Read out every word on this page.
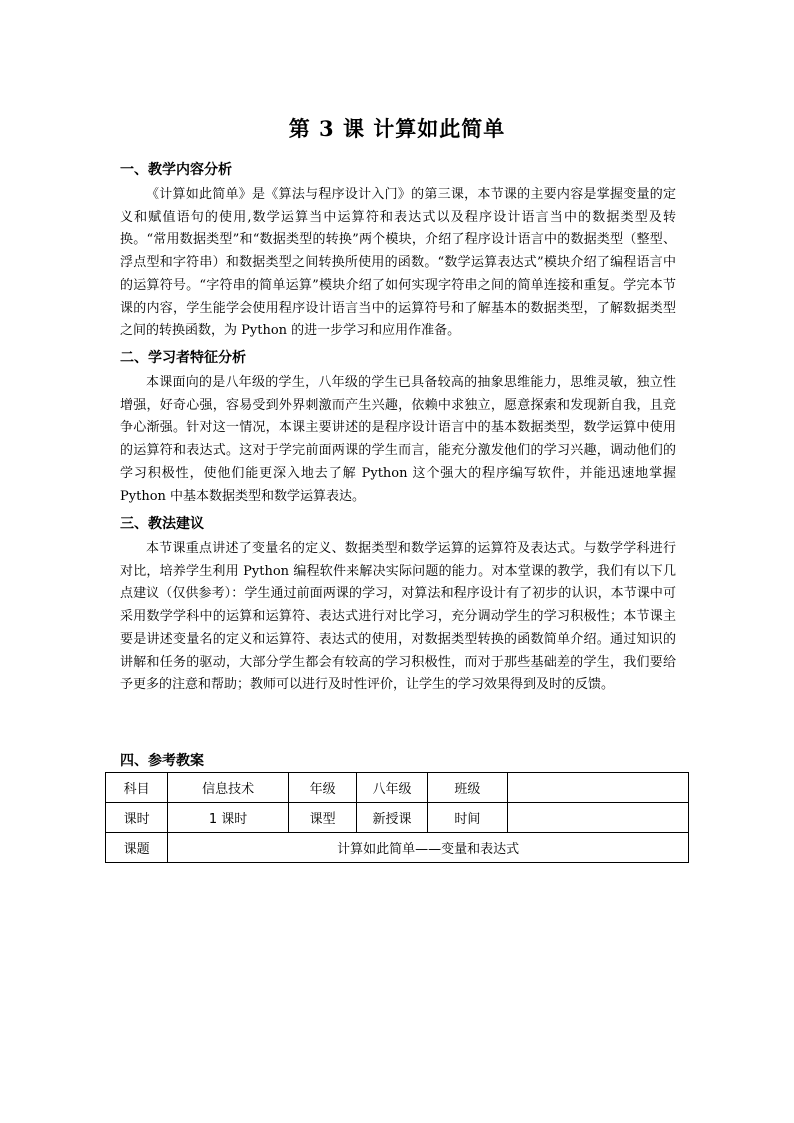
第 3 课 计算如此简单

一、教学内容分析

《计算如此简单》是《算法与程序设计入门》的第三课，本节课的主要内容是掌握变量的定义和赋值语句的使用,数学运算当中运算符和表达式以及程序设计语言当中的数据类型及转换。“常用数据类型”和“数据类型的转换”两个模块，介绍了程序设计语言中的数据类型（整型、浮点型和字符串）和数据类型之间转换所使用的函数。“数学运算表达式”模块介绍了编程语言中的运算符号。“字符串的简单运算”模块介绍了如何实现字符串之间的简单连接和重复。学完本节课的内容，学生能学会使用程序设计语言当中的运算符号和了解基本的数据类型，了解数据类型之间的转换函数，为 Python 的进一步学习和应用作准备。

二、学习者特征分析

本课面向的是八年级的学生，八年级的学生已具备较高的抽象思维能力，思维灵敏，独立性增强，好奇心强，容易受到外界刺激而产生兴趣，依赖中求独立，愿意探索和发现新自我，且竞争心渐强。针对这一情况，本课主要讲述的是程序设计语言中的基本数据类型，数学运算中使用的运算符和表达式。这对于学完前面两课的学生而言，能充分激发他们的学习兴趣，调动他们的学习积极性，使他们能更深入地去了解 Python 这个强大的程序编写软件，并能迅速地掌握 Python 中基本数据类型和数学运算表达。

三、教法建议

本节课重点讲述了变量名的定义、数据类型和数学运算的运算符及表达式。与数学学科进行对比，培养学生利用 Python 编程软件来解决实际问题的能力。对本堂课的教学，我们有以下几点建议（仅供参考）：学生通过前面两课的学习，对算法和程序设计有了初步的认识，本节课中可采用数学学科中的运算和运算符、表达式进行对比学习，充分调动学生的学习积极性；本节课主要是讲述变量名的定义和运算符、表达式的使用，对数据类型转换的函数简单介绍。通过知识的讲解和任务的驱动，大部分学生都会有较高的学习积极性，而对于那些基础差的学生，我们要给予更多的注意和帮助；教师可以进行及时性评价，让学生的学习效果得到及时的反馈。

四、参考教案

科目	信息技术	年级	八年级	班级	
课时	1 课时	课型	新授课	时间	
课题	计算如此简单——变量和表达式				
